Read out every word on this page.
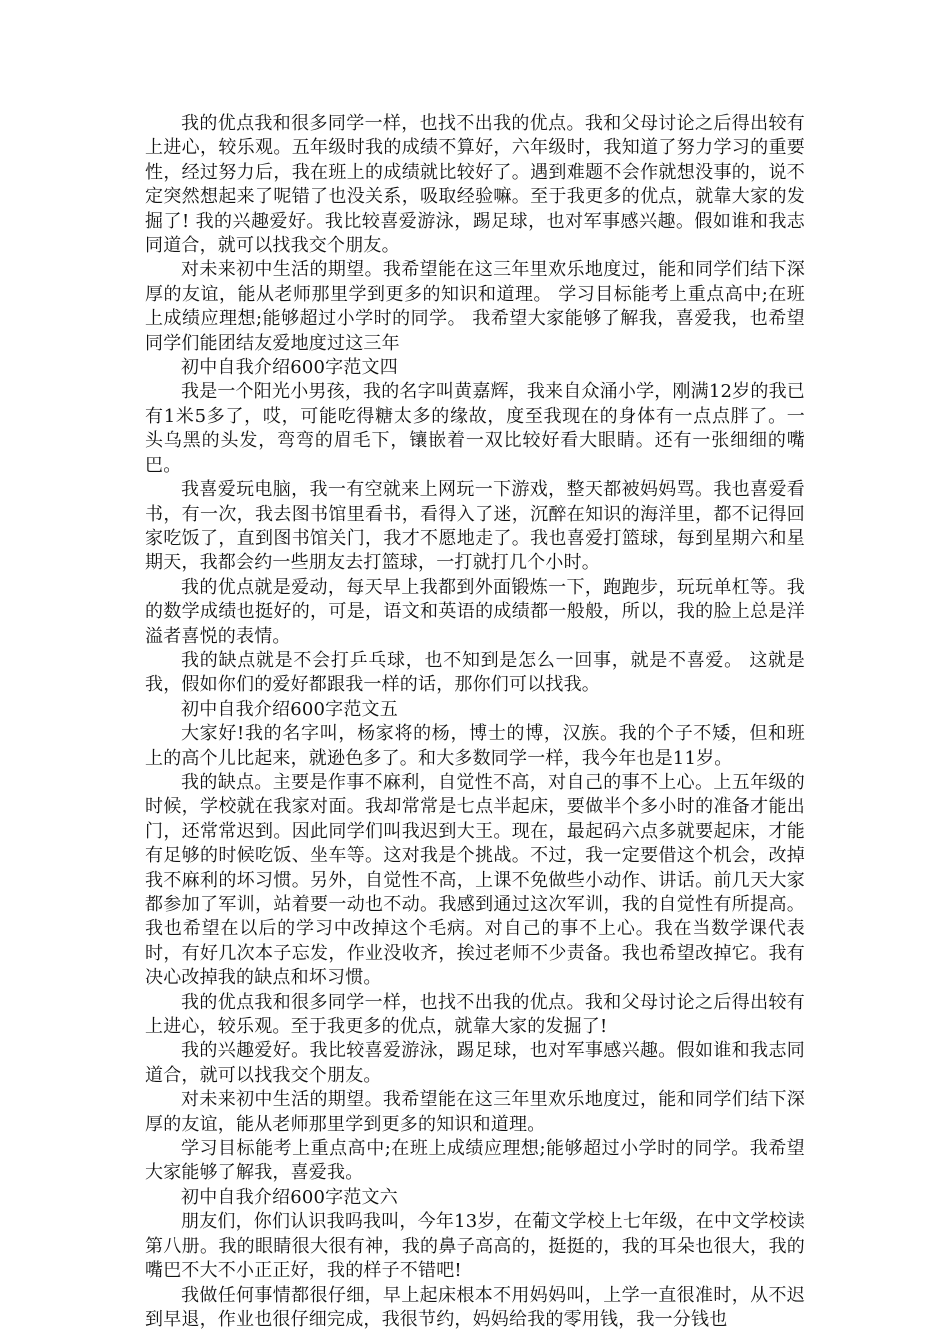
我的优点我和很多同学一样，也找不出我的优点。我和父母讨论之后得出较有上进心，较乐观。五年级时我的成绩不算好，六年级时，我知道了努力学习的重要性，经过努力后，我在班上的成绩就比较好了。遇到难题不会作就想没事的，说不定突然想起来了呢错了也没关系，吸取经验嘛。至于我更多的优点，就靠大家的发掘了! 我的兴趣爱好。我比较喜爱游泳，踢足球，也对军事感兴趣。假如谁和我志同道合，就可以找我交个朋友。

对未来初中生活的期望。我希望能在这三年里欢乐地度过，能和同学们结下深厚的友谊，能从老师那里学到更多的知识和道理。 学习目标能考上重点高中;在班上成绩应理想;能够超过小学时的同学。 我希望大家能够了解我，喜爱我，也希望同学们能团结友爱地度过这三年

初中自我介绍600字范文四

我是一个阳光小男孩，我的名字叫黄嘉辉，我来自众涌小学，刚满12岁的我已有1米5多了，哎，可能吃得糖太多的缘故，度至我现在的身体有一点点胖了。一头乌黑的头发，弯弯的眉毛下，镶嵌着一双比较好看大眼睛。还有一张细细的嘴巴。

我喜爱玩电脑，我一有空就来上网玩一下游戏，整天都被妈妈骂。我也喜爱看书，有一次，我去图书馆里看书，看得入了迷，沉醉在知识的海洋里，都不记得回家吃饭了，直到图书馆关门，我才不愿地走了。我也喜爱打篮球，每到星期六和星期天，我都会约一些朋友去打篮球，一打就打几个小时。

我的优点就是爱动，每天早上我都到外面锻炼一下，跑跑步，玩玩单杠等。我的数学成绩也挺好的，可是，语文和英语的成绩都一般般，所以，我的脸上总是洋溢者喜悦的表情。

我的缺点就是不会打乒乓球，也不知到是怎么一回事，就是不喜爱。 这就是我，假如你们的爱好都跟我一样的话，那你们可以找我。

初中自我介绍600字范文五

大家好!我的名字叫，杨家将的杨，博士的博，汉族。我的个子不矮，但和班上的高个儿比起来，就逊色多了。和大多数同学一样，我今年也是11岁。

我的缺点。主要是作事不麻利，自觉性不高，对自己的事不上心。上五年级的时候，学校就在我家对面。我却常常是七点半起床，要做半个多小时的准备才能出门，还常常迟到。因此同学们叫我迟到大王。现在，最起码六点多就要起床，才能有足够的时候吃饭、坐车等。这对我是个挑战。不过，我一定要借这个机会，改掉我不麻利的坏习惯。另外，自觉性不高，上课不免做些小动作、讲话。前几天大家都参加了军训，站着要一动也不动。我感到通过这次军训，我的自觉性有所提高。我也希望在以后的学习中改掉这个毛病。对自己的事不上心。我在当数学课代表时，有好几次本子忘发，作业没收齐，挨过老师不少责备。我也希望改掉它。我有决心改掉我的缺点和坏习惯。

我的优点我和很多同学一样，也找不出我的优点。我和父母讨论之后得出较有上进心，较乐观。至于我更多的优点，就靠大家的发掘了!

我的兴趣爱好。我比较喜爱游泳，踢足球，也对军事感兴趣。假如谁和我志同道合，就可以找我交个朋友。

对未来初中生活的期望。我希望能在这三年里欢乐地度过，能和同学们结下深厚的友谊，能从老师那里学到更多的知识和道理。

学习目标能考上重点高中;在班上成绩应理想;能够超过小学时的同学。我希望大家能够了解我，喜爱我。

初中自我介绍600字范文六

朋友们，你们认识我吗我叫，今年13岁，在葡文学校上七年级，在中文学校读第八册。我的眼睛很大很有神，我的鼻子高高的，挺挺的，我的耳朵也很大，我的嘴巴不大不小正正好，我的样子不错吧!

我做任何事情都很仔细，早上起床根本不用妈妈叫，上学一直很准时，从不迟到早退，作业也很仔细完成，我很节约，妈妈给我的零用钱，我一分钱也
